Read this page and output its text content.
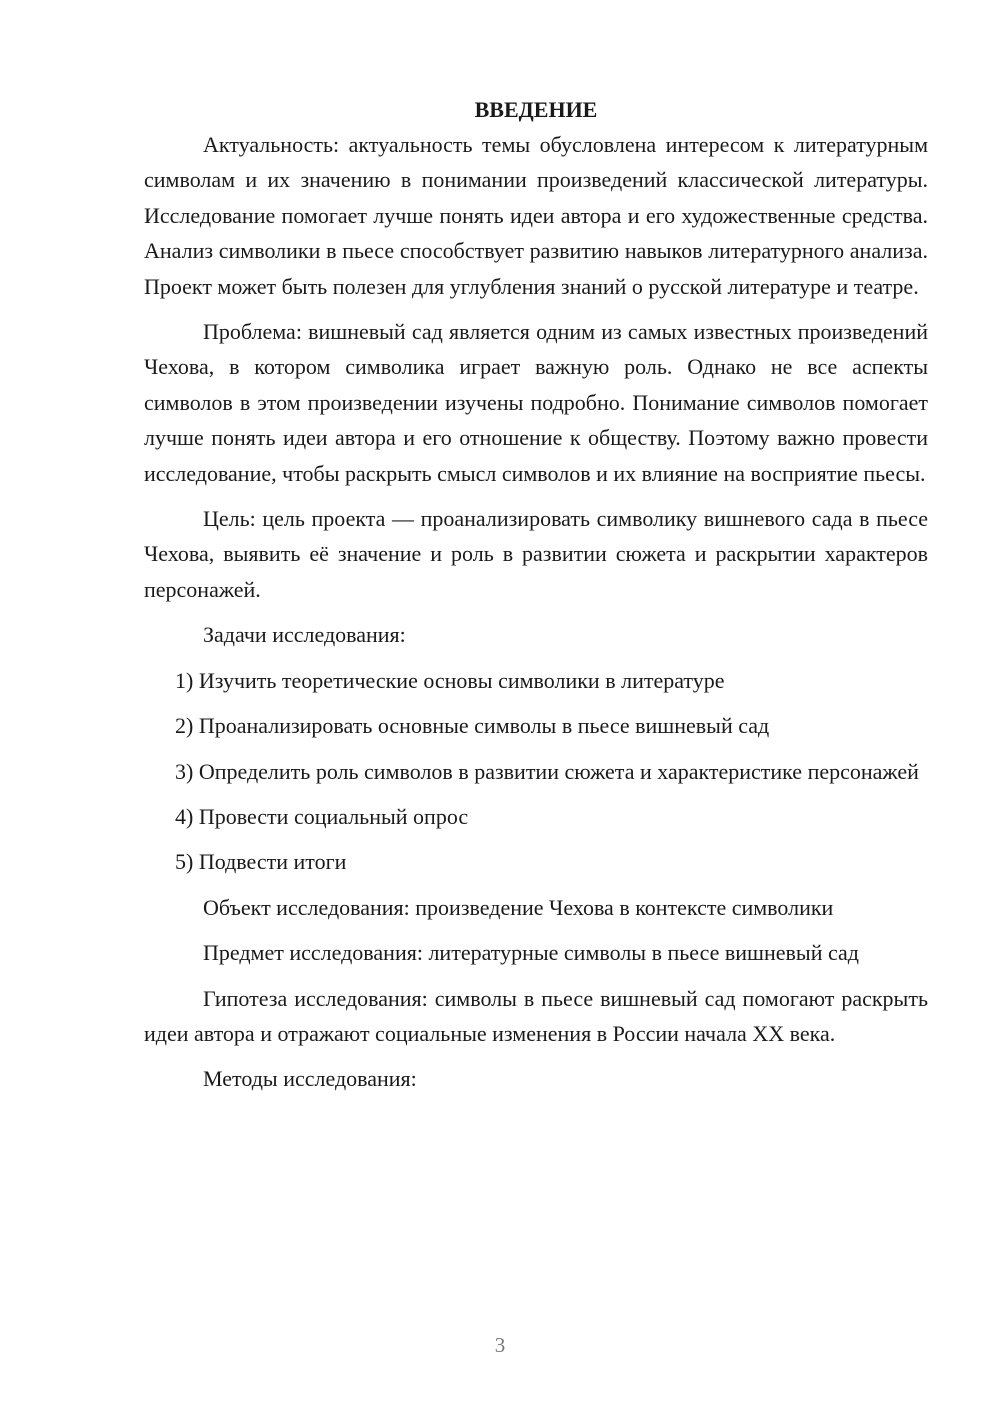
ВВЕДЕНИЕ

Актуальность: актуальность темы обусловлена интересом к литературным символам и их значению в понимании произведений классической литературы. Исследование помогает лучше понять идеи автора и его художественные средства. Анализ символики в пьесе способствует развитию навыков литературного анализа. Проект может быть полезен для углубления знаний о русской литературе и театре.

Проблема: вишневый сад является одним из самых известных произведений Чехова, в котором символика играет важную роль. Однако не все аспекты символов в этом произведении изучены подробно. Понимание символов помогает лучше понять идеи автора и его отношение к обществу. Поэтому важно провести исследование, чтобы раскрыть смысл символов и их влияние на восприятие пьесы.

Цель: цель проекта — проанализировать символику вишневого сада в пьесе Чехова, выявить её значение и роль в развитии сюжета и раскрытии характеров персонажей.

Задачи исследования:

1) Изучить теоретические основы символики в литературе

2) Проанализировать основные символы в пьесе вишневый сад

3) Определить роль символов в развитии сюжета и характеристике персонажей

4) Провести социальный опрос

5) Подвести итоги

Объект исследования: произведение Чехова в контексте символики

Предмет исследования: литературные символы в пьесе вишневый сад

Гипотеза исследования: символы в пьесе вишневый сад помогают раскрыть идеи автора и отражают социальные изменения в России начала XX века.

Методы исследования:

3
